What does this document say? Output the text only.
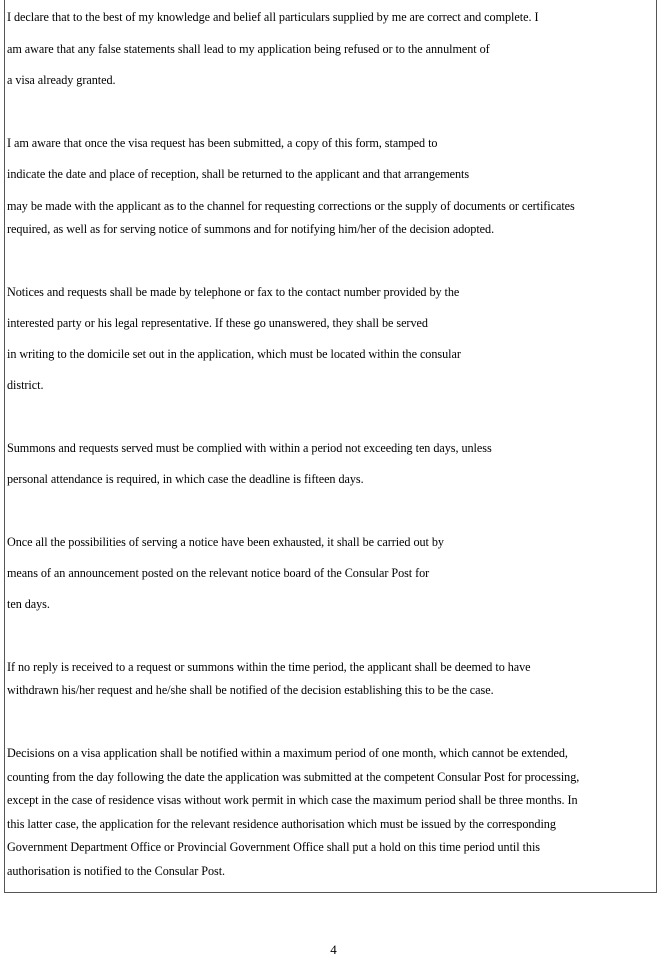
I declare that to the best of my knowledge and belief all particulars supplied by me are correct and complete. I
am aware that any false statements shall lead to my application being refused or to the annulment of
a visa already granted.
I am aware that once the visa request has been submitted, a copy of this form, stamped to
indicate the date and place of reception, shall be returned to the applicant and that arrangements
may be made with the applicant as to the channel for requesting corrections or the supply of documents or certificates
required, as well as for serving notice of summons and for notifying him/her of the decision adopted.
Notices and requests shall be made by telephone or fax to the contact number provided by the
interested party or his legal representative. If these go unanswered, they shall be served
in writing to the domicile set out in the application, which must be located within the consular
district.
Summons and requests served must be complied with within a period not exceeding ten days, unless
personal attendance is required, in which case the deadline is fifteen days.
Once all the possibilities of serving a notice have been exhausted, it shall be carried out by
means of an announcement posted on the relevant notice board of the Consular Post for
ten days.
If no reply is received to a request or summons within the time period, the applicant shall be deemed to have
withdrawn his/her request and he/she shall be notified of the decision establishing this to be the case.
Decisions on a visa application shall be notified within a maximum period of one month, which cannot be extended,
counting from the day following the date the application was submitted at the competent Consular Post for processing,
except in the case of residence visas without work permit in which case the maximum period shall be three months. In
this latter case, the application for the relevant residence authorisation which must be issued by the corresponding
Government Department Office or Provincial Government Office shall put a hold on this time period until this
authorisation is notified to the Consular Post.
4
